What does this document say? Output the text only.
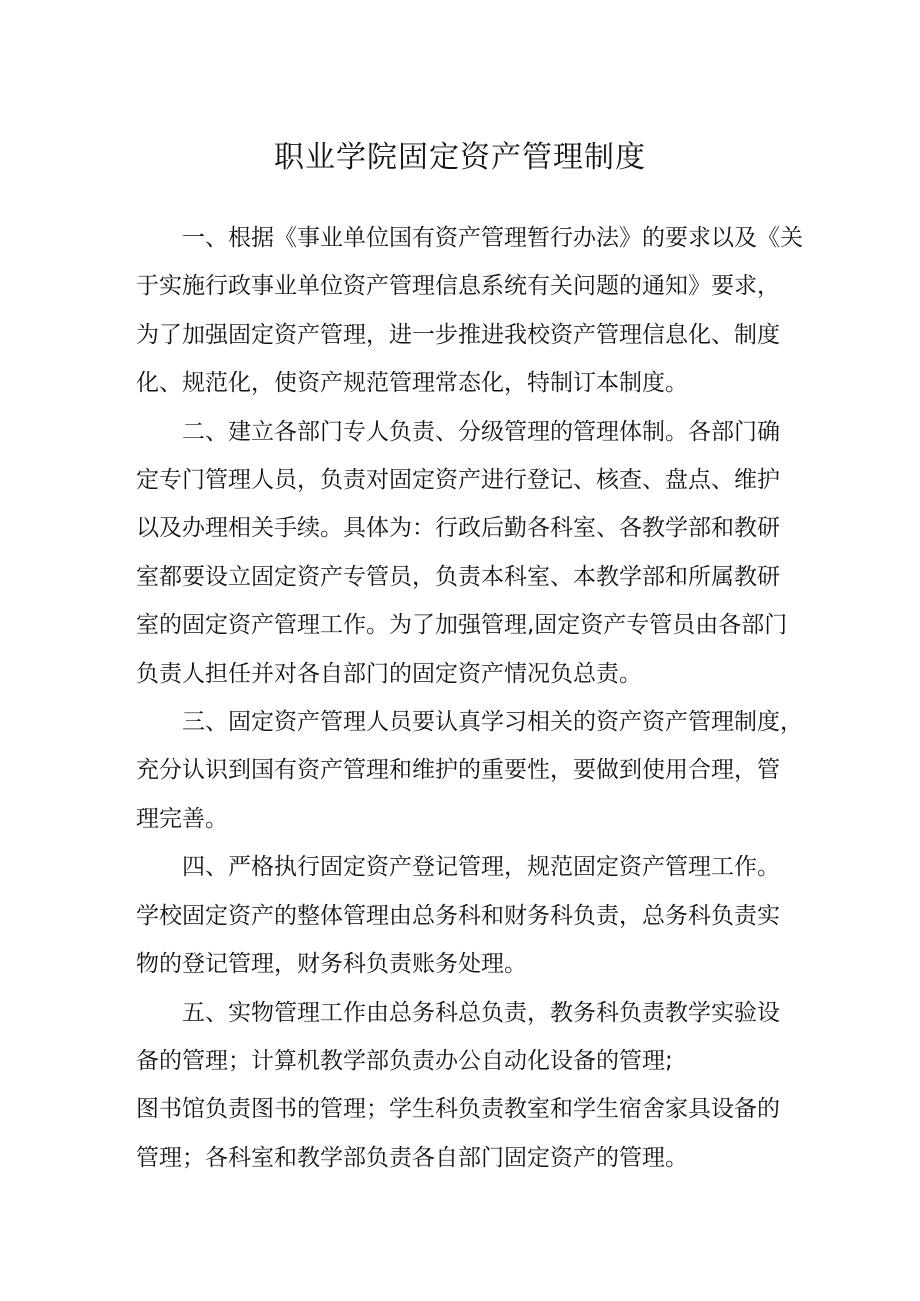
职业学院固定资产管理制度

一、根据《事业单位国有资产管理暂行办法》的要求以及《关
于实施行政事业单位资产管理信息系统有关问题的通知》要求，
为了加强固定资产管理，进一步推进我校资产管理信息化、制度
化、规范化，使资产规范管理常态化，特制订本制度。

二、建立各部门专人负责、分级管理的管理体制。各部门确
定专门管理人员，负责对固定资产进行登记、核查、盘点、维护
以及办理相关手续。具体为：行政后勤各科室、各教学部和教研
室都要设立固定资产专管员，负责本科室、本教学部和所属教研
室的固定资产管理工作。为了加强管理,固定资产专管员由各部门
负责人担任并对各自部门的固定资产情况负总责。

三、固定资产管理人员要认真学习相关的资产资产管理制度，
充分认识到国有资产管理和维护的重要性，要做到使用合理，管
理完善。

四、严格执行固定资产登记管理，规范固定资产管理工作。
学校固定资产的整体管理由总务科和财务科负责，总务科负责实
物的登记管理，财务科负责账务处理。

五、实物管理工作由总务科总负责，教务科负责教学实验设
备的管理；计算机教学部负责办公自动化设备的管理;
图书馆负责图书的管理；学生科负责教室和学生宿舍家具设备的
管理；各科室和教学部负责各自部门固定资产的管理。
